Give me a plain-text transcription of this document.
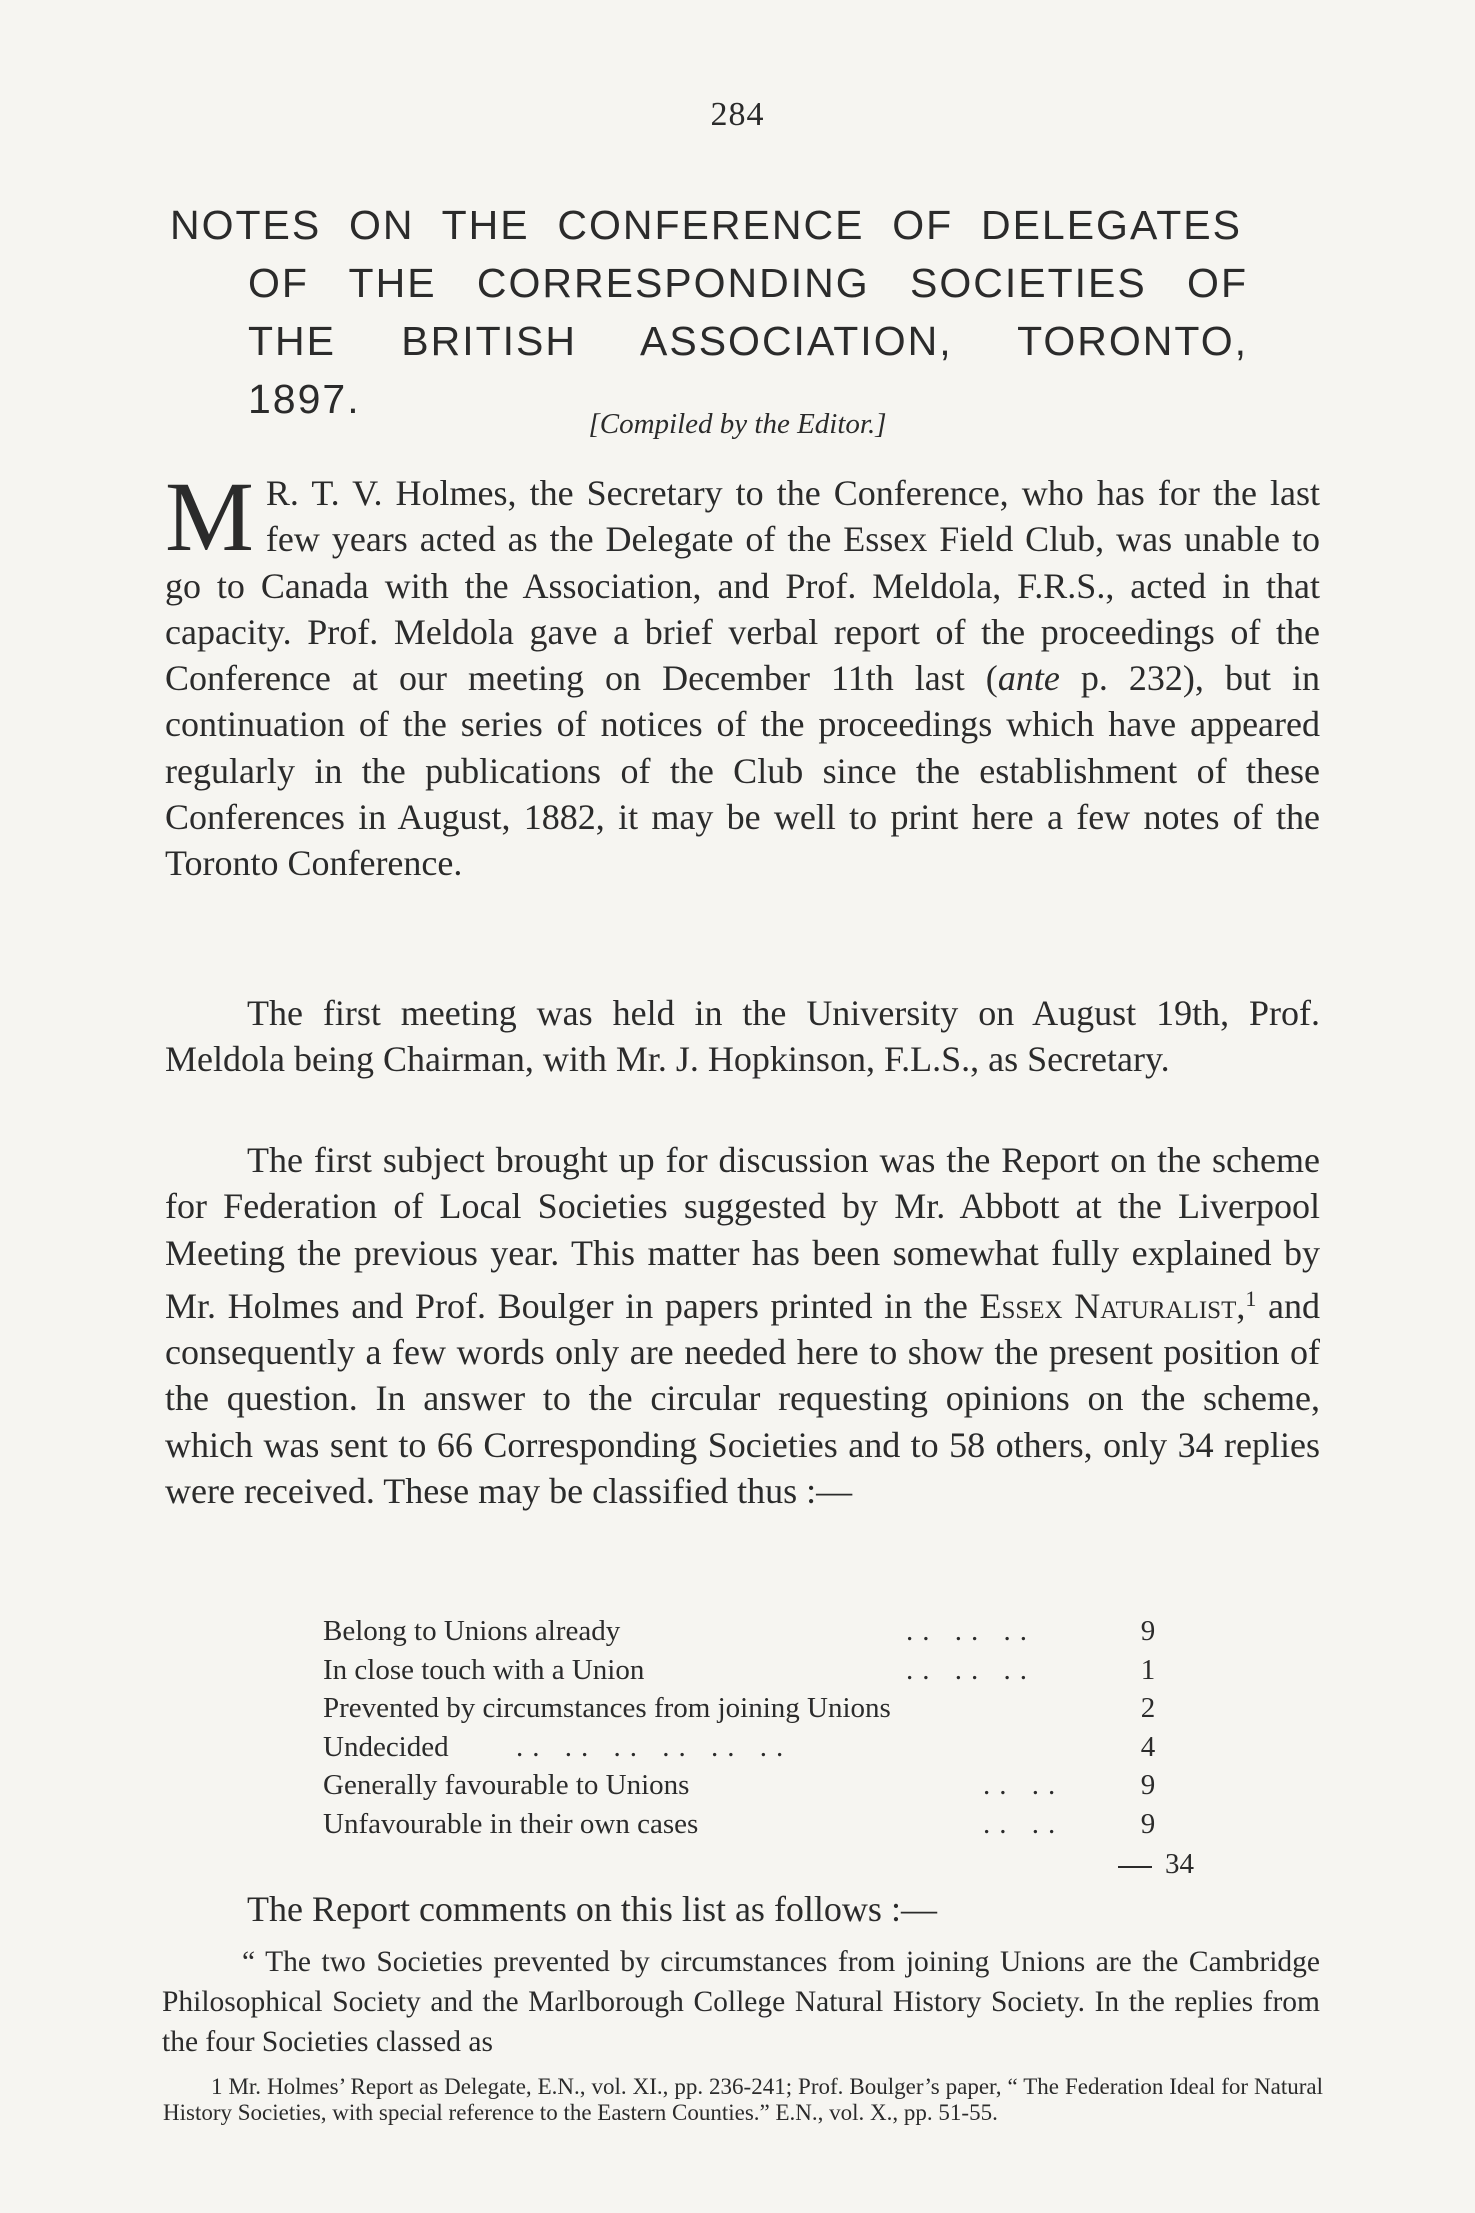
284
NOTES ON THE CONFERENCE OF DELEGATES
OF THE CORRESPONDING SOCIETIES OF
THE BRITISH ASSOCIATION, TORONTO,
1897.
[Compiled by the Editor.]

M R. T. V. Holmes, the Secretary to the Conference, who has for the last few years acted as the Delegate of the Essex Field Club, was unable to go to Canada with the Association, and Prof. Meldola, F.R.S., acted in that capacity. Prof. Meldola gave a brief verbal report of the proceedings of the Conference at our meeting on December 11th last (ante p. 232), but in continuation of the series of notices of the proceedings which have appeared regularly in the publications of the Club since the establishment of these Conferences in August, 1882, it may be well to print here a few notes of the Toronto Conference.

The first meeting was held in the University on August 19th, Prof. Meldola being Chairman, with Mr. J. Hopkinson, F.L.S., as Secretary.

The first subject brought up for discussion was the Report on the scheme for Federation of Local Societies suggested by Mr. Abbott at the Liverpool Meeting the previous year. This matter has been somewhat fully explained by Mr. Holmes and Prof. Boulger in papers printed in the Essex Naturalist,$^1$ and consequently a few words only are needed here to show the present position of the question. In answer to the circular requesting opinions on the scheme, which was sent to 66 Corresponding Societies and to 58 others, only 34 replies were received. These may be classified thus :—

Belong to Unions already	.. .. ..	9
In close touch with a Union	.. .. ..	1
Prevented by circumstances from joining Unions	2
Undecided .. .. .. .. .. ..	4
Generally favourable to Unions	.. ..	9
Unfavourable in their own cases	.. ..	9
34

The Report comments on this list as follows :—

“ The two Societies prevented by circumstances from joining Unions are the Cambridge Philosophical Society and the Marlborough College Natural History Society. In the replies from the four Societies classed as

1 Mr. Holmes’ Report as Delegate, E.N., vol. XI., pp. 236-241; Prof. Boulger’s paper, “ The Federation Ideal for Natural History Societies, with special reference to the Eastern Counties.” E.N., vol. X., pp. 51-55.
